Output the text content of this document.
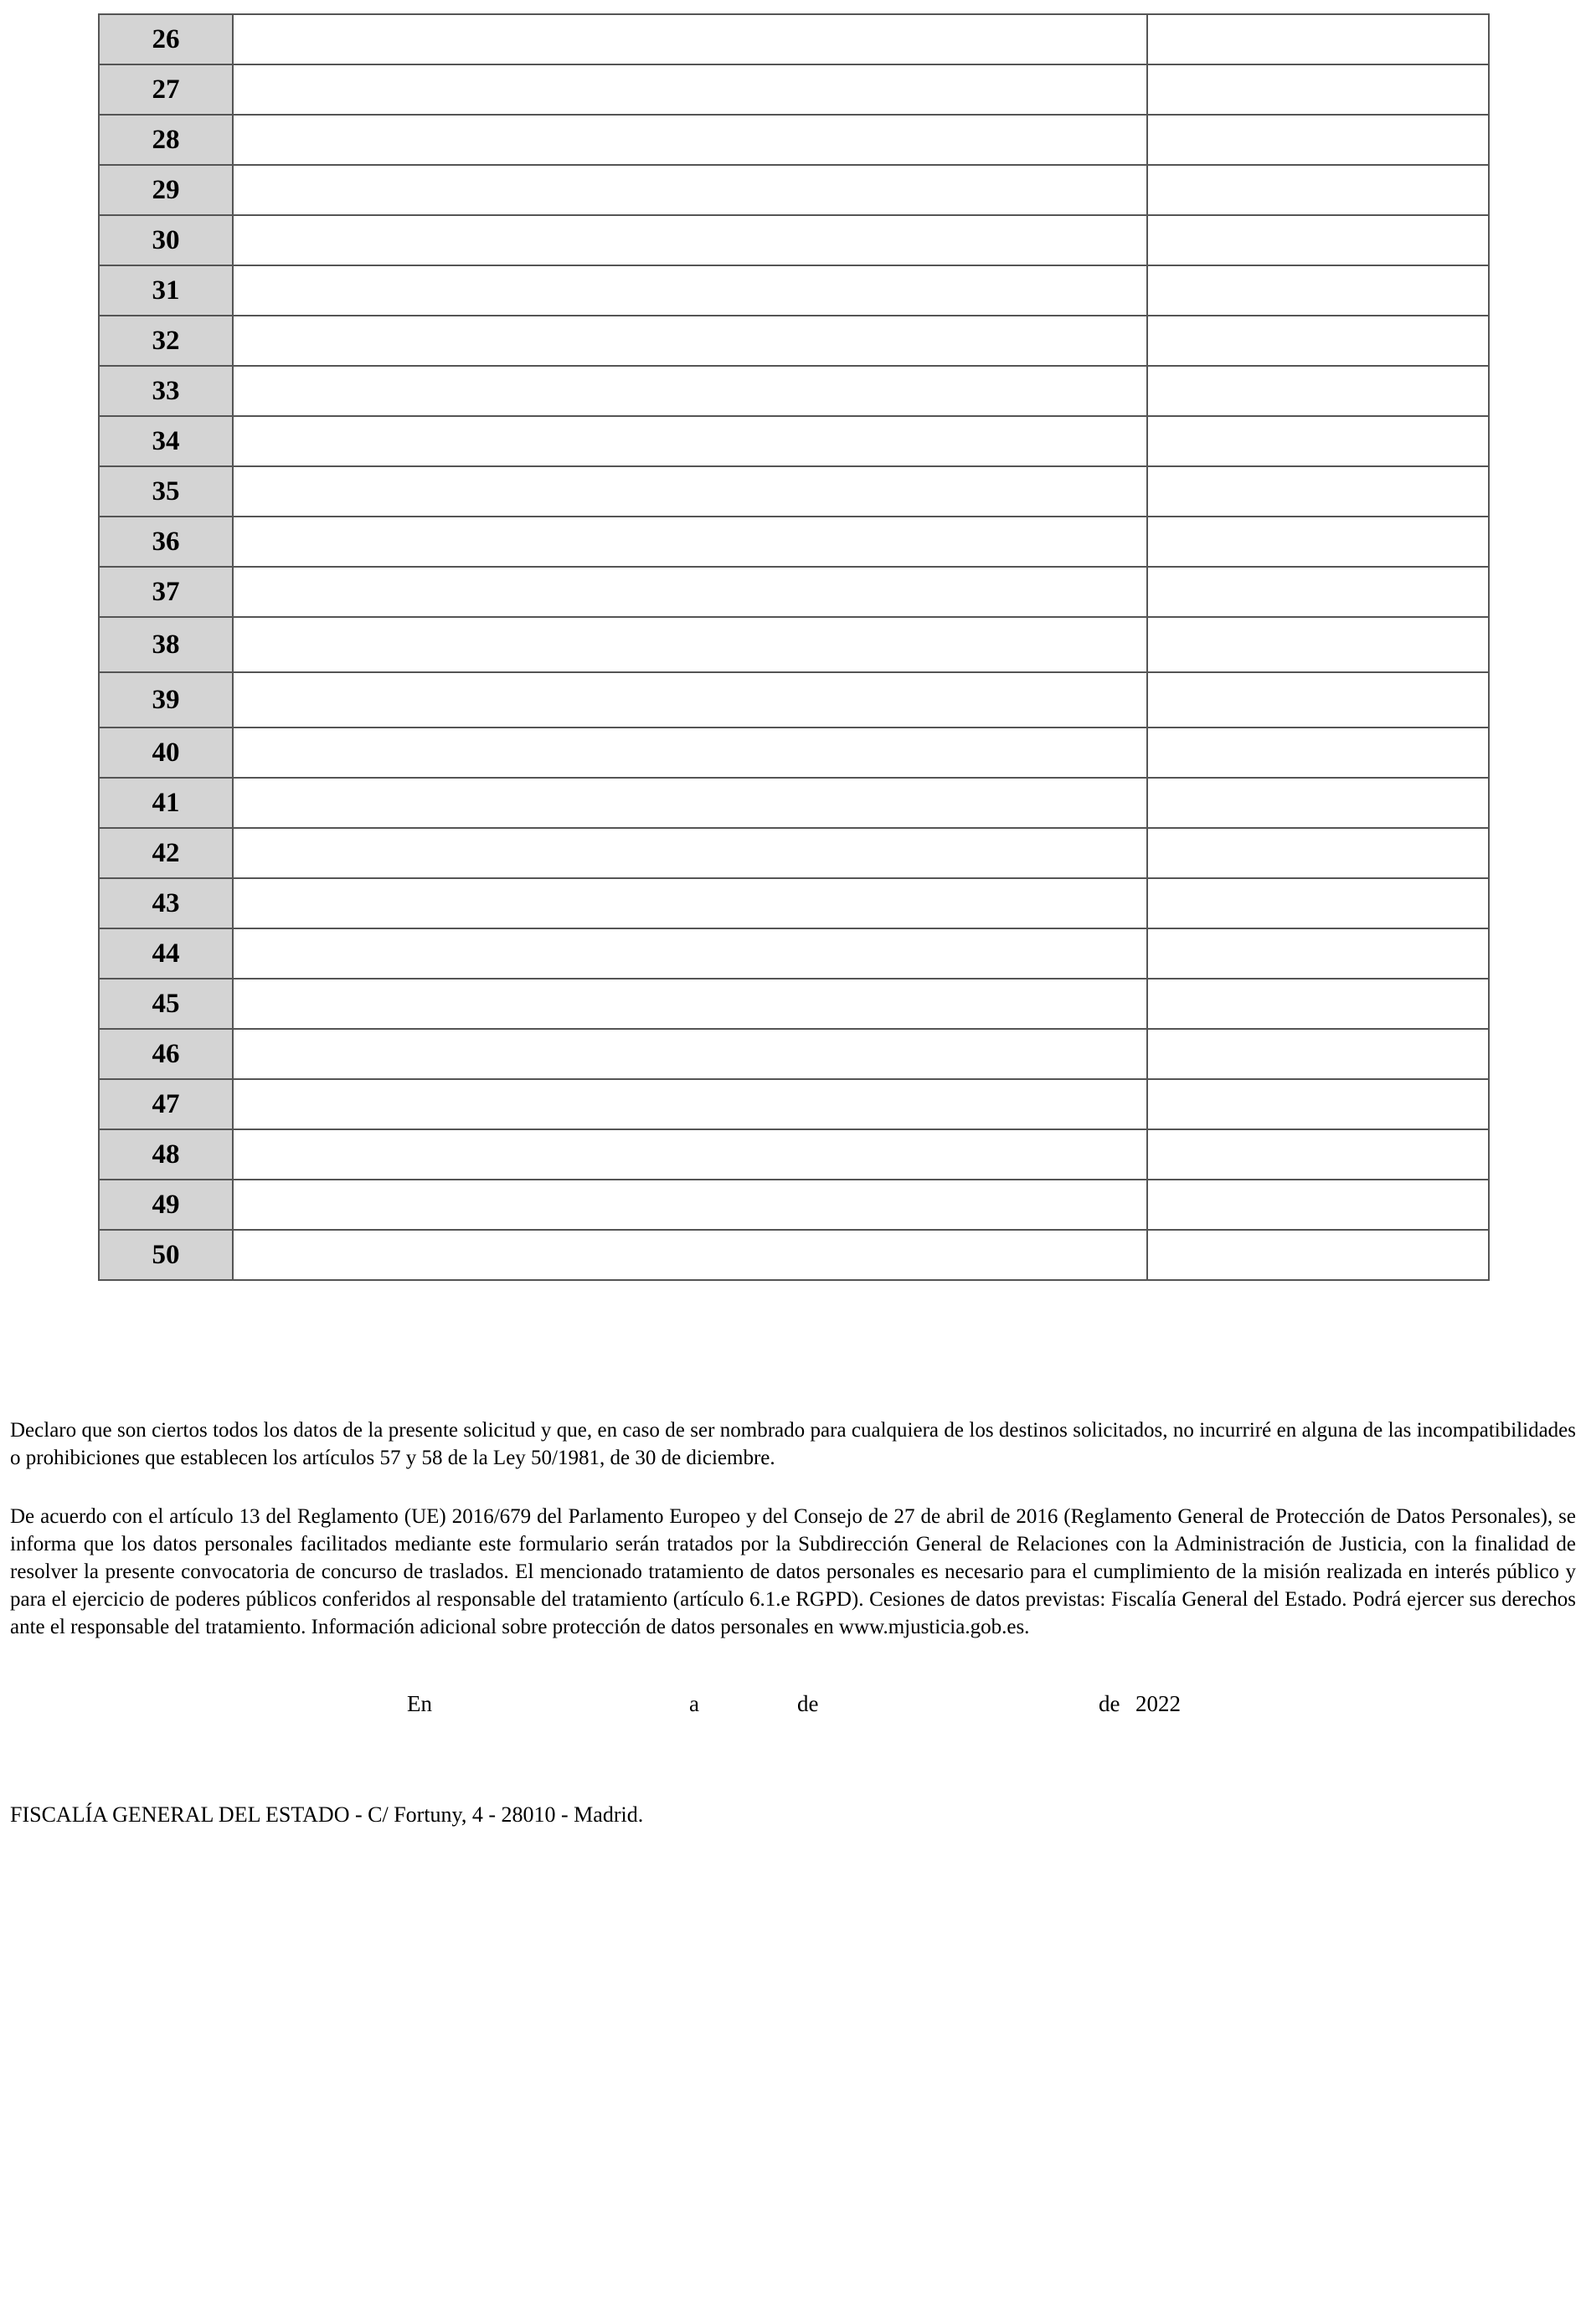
26		
27		
28		
29		
30		
31		
32		
33		
34		
35		
36		
37		
38		
39		
40		
41		
42		
43		
44		
45		
46		
47		
48		
49		
50		
Declaro que son ciertos todos los datos de la presente solicitud y que, en caso de ser nombrado para cualquiera de los destinos solicitados, no incurriré en alguna de las incompatibilidades o prohibiciones que establecen los artículos 57 y 58 de la Ley 50/1981, de 30 de diciembre.
De acuerdo con el artículo 13 del Reglamento (UE) 2016/679 del Parlamento Europeo y del Consejo de 27 de abril de 2016 (Reglamento General de Protección de Datos Personales), se informa que los datos personales facilitados mediante este formulario serán tratados por la Subdirección General de Relaciones con la Administración de Justicia, con la finalidad de resolver la presente convocatoria de concurso de traslados. El mencionado tratamiento de datos personales es necesario para el cumplimiento de la misión realizada en interés público y para el ejercicio de poderes públicos conferidos al responsable del tratamiento (artículo 6.1.e RGPD). Cesiones de datos previstas: Fiscalía General del Estado. Podrá ejercer sus derechos ante el responsable del tratamiento. Información adicional sobre protección de datos personales en www.mjusticia.gob.es.
En	a	de	de 2022
FISCALÍA GENERAL DEL ESTADO - C/ Fortuny, 4 - 28010 - Madrid.
